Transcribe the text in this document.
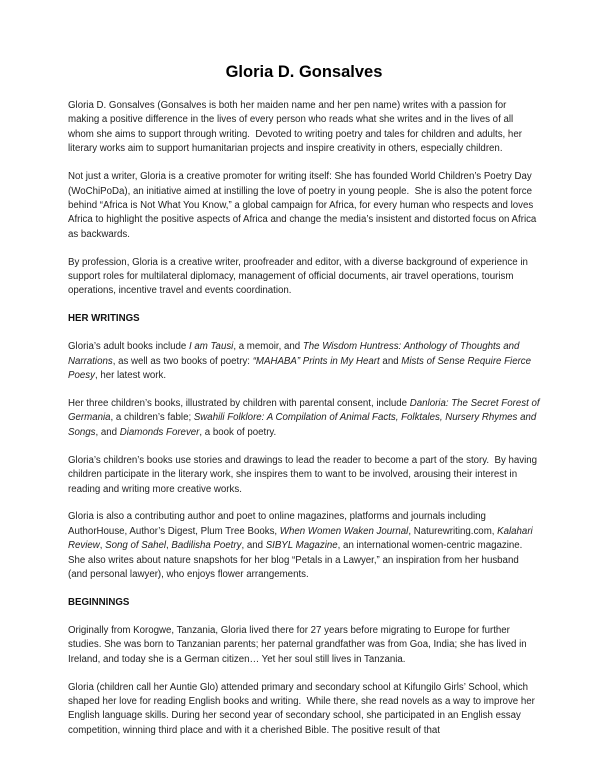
Gloria D. Gonsalves

Gloria D. Gonsalves (Gonsalves is both her maiden name and her pen name) writes with a passion for making a positive difference in the lives of every person who reads what she writes and in the lives of all whom she aims to support through writing.  Devoted to writing poetry and tales for children and adults, her literary works aim to support humanitarian projects and inspire creativity in others, especially children.

Not just a writer, Gloria is a creative promoter for writing itself: She has founded World Children’s Poetry Day (WoChiPoDa), an initiative aimed at instilling the love of poetry in young people.  She is also the potent force behind “Africa is Not What You Know,” a global campaign for Africa, for every human who respects and loves Africa to highlight the positive aspects of Africa and change the media’s insistent and distorted focus on Africa as backwards.

By profession, Gloria is a creative writer, proofreader and editor, with a diverse background of experience in support roles for multilateral diplomacy, management of official documents, air travel operations, tourism operations, incentive travel and events coordination.

HER WRITINGS

Gloria’s adult books include I am Tausi, a memoir, and The Wisdom Huntress: Anthology of Thoughts and Narrations, as well as two books of poetry: “MAHABA” Prints in My Heart and Mists of Sense Require Fierce Poesy, her latest work.

Her three children’s books, illustrated by children with parental consent, include Danloria: The Secret Forest of Germania, a children’s fable; Swahili Folklore: A Compilation of Animal Facts, Folktales, Nursery Rhymes and Songs, and Diamonds Forever, a book of poetry.

Gloria’s children’s books use stories and drawings to lead the reader to become a part of the story.  By having children participate in the literary work, she inspires them to want to be involved, arousing their interest in reading and writing more creative works.

Gloria is also a contributing author and poet to online magazines, platforms and journals including AuthorHouse, Author’s Digest, Plum Tree Books, When Women Waken Journal, Naturewriting.com, Kalahari Review, Song of Sahel, Badilisha Poetry, and SIBYL Magazine, an international women-centric magazine.  She also writes about nature snapshots for her blog “Petals in a Lawyer,” an inspiration from her husband (and personal lawyer), who enjoys flower arrangements.

BEGINNINGS

Originally from Korogwe, Tanzania, Gloria lived there for 27 years before migrating to Europe for further studies. She was born to Tanzanian parents; her paternal grandfather was from Goa, India; she has lived in Ireland, and today she is a German citizen… Yet her soul still lives in Tanzania.

Gloria (children call her Auntie Glo) attended primary and secondary school at Kifungilo Girls’ School, which shaped her love for reading English books and writing.  While there, she read novels as a way to improve her English language skills. During her second year of secondary school, she participated in an English essay competition, winning third place and with it a cherished Bible. The positive result of that
